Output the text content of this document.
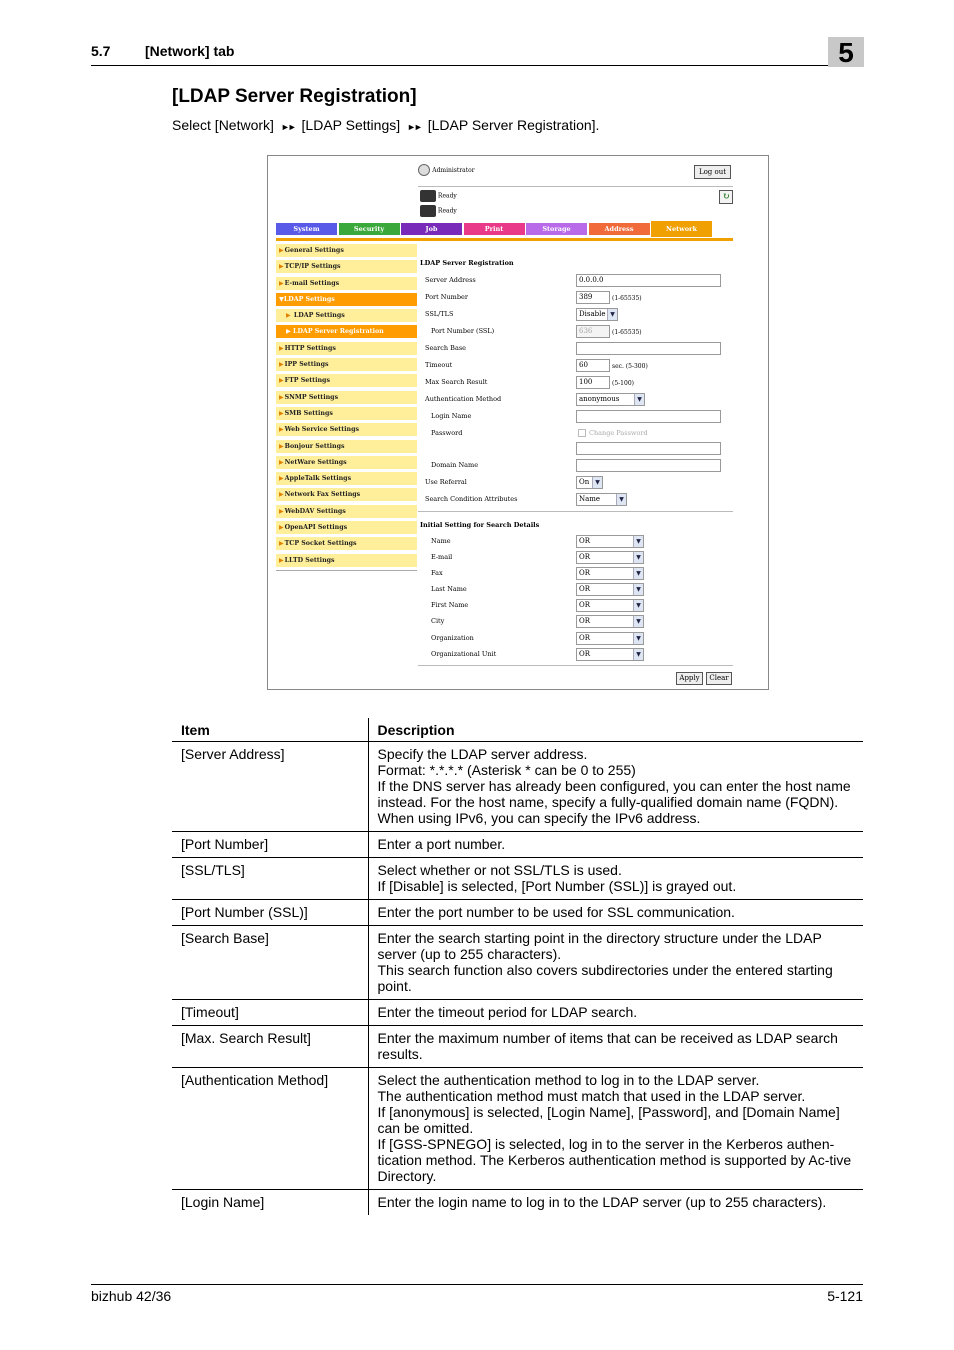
5.7 [Network] tab	5
[LDAP Server Registration]
Select [Network] ►► [LDAP Settings] ►► [LDAP Server Registration].
Administrator	Log out
Ready
Ready
↻
System	Security	Job	Print	Storage	Address	Network
▶General Settings
▶TCP/IP Settings
▶E-mail Settings
▼LDAP Settings
▶ LDAP Settings
▶ LDAP Server Registration
▶HTTP Settings
▶IPP Settings
▶FTP Settings
▶SNMP Settings
▶SMB Settings
▶Web Service Settings
▶Bonjour Settings
▶NetWare Settings
▶AppleTalk Settings
▶Network Fax Settings
▶WebDAV Settings
▶OpenAPI Settings
▶TCP Socket Settings
▶LLTD Settings
LDAP Server Registration
Server Address	0.0.0.0
Port Number	389	(1-65535)
SSL/TLS	Disable ▼
Port Number (SSL)	636	(1-65535)
Search Base
Timeout	60	sec. (5-300)
Max Search Result	100	(5-100)
Authentication Method	anonymous	▼
Login Name
Password	Change Password
Domain Name
Use Referral	On ▼
Search Condition Attributes	Name	▼
Initial Setting for Search Details
Name	OR	▼
E-mail	OR	▼
Fax	OR	▼
Last Name	OR	▼
First Name	OR	▼
City	OR	▼
Organization	OR	▼
Organizational Unit	OR	▼
Apply	Clear
Item	Description
[Server Address]	Specify the LDAP server address.
Format: *.*.*.* (Asterisk * can be 0 to 255)
If the DNS server has already been configured, you can enter the host name instead. For the host name, specify a fully-qualified domain name (FQDN).
When using IPv6, you can specify the IPv6 address.

[Port Number]	Enter a port number.

[SSL/TLS]	Select whether or not SSL/TLS is used.
If [Disable] is selected, [Port Number (SSL)] is grayed out.

[Port Number (SSL)]	Enter the port number to be used for SSL communication.

[Search Base]	Enter the search starting point in the directory structure under the LDAP server (up to 255 characters).
This search function also covers subdirectories under the entered starting point.

[Timeout]	Enter the timeout period for LDAP search.

[Max. Search Result]	Enter the maximum number of items that can be received as LDAP search results.

[Authentication Method]	Select the authentication method to log in to the LDAP server.
The authentication method must match that used in the LDAP server.
If [anonymous] is selected, [Login Name], [Password], and [Domain Name] can be omitted.
If [GSS-SPNEGO] is selected, log in to the server in the Kerberos authen-tication method. The Kerberos authentication method is supported by Ac-tive Directory.

[Login Name]	Enter the login name to log in to the LDAP server (up to 255 characters).
bizhub 42/36	5-121
